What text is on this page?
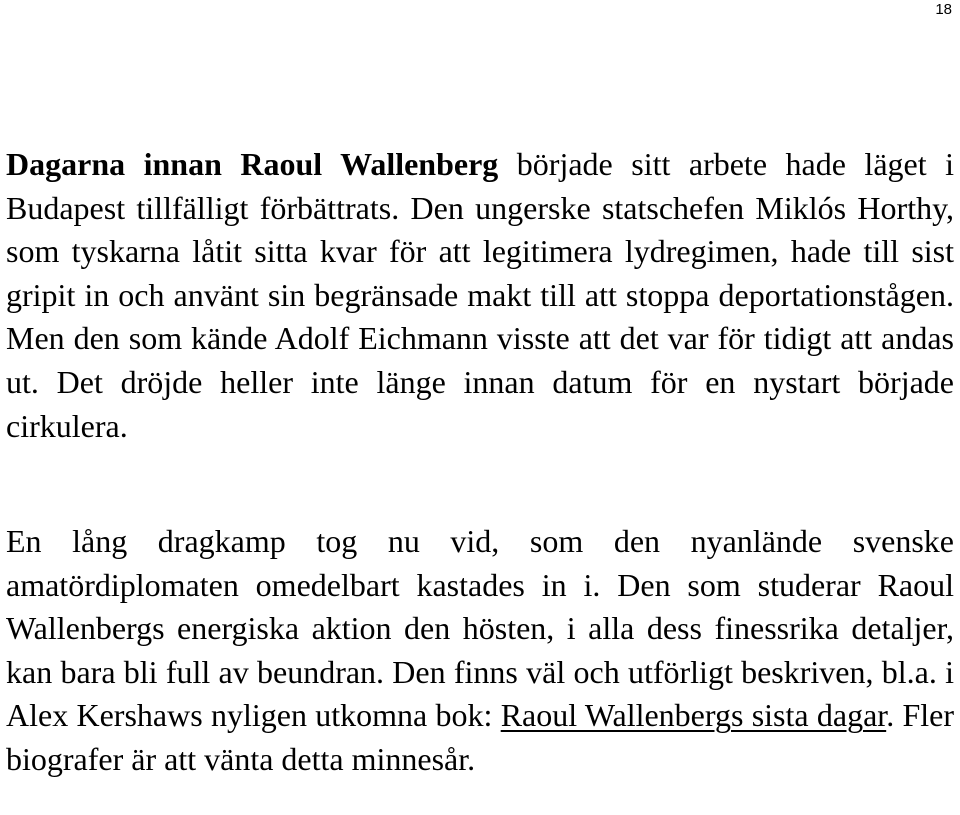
18

Dagarna innan Raoul Wallenberg började sitt arbete hade läget i Budapest tillfälligt förbättrats. Den ungerske statschefen Miklós Horthy, som tyskarna låtit sitta kvar för att legitimera lydregimen, hade till sist gripit in och använt sin begränsade makt till att stoppa deportationstågen. Men den som kände Adolf Eichmann visste att det var för tidigt att andas ut. Det dröjde heller inte länge innan datum för en nystart började cirkulera.

En lång dragkamp tog nu vid, som den nyanlände svenske amatördiplomaten omedelbart kastades in i. Den som studerar Raoul Wallenbergs energiska aktion den hösten, i alla dess finessrika detaljer, kan bara bli full av beundran. Den finns väl och utförligt beskriven, bl.a. i Alex Kershaws nyligen utkomna bok: Raoul Wallenbergs sista dagar. Fler biografer är att vänta detta minnesår.
